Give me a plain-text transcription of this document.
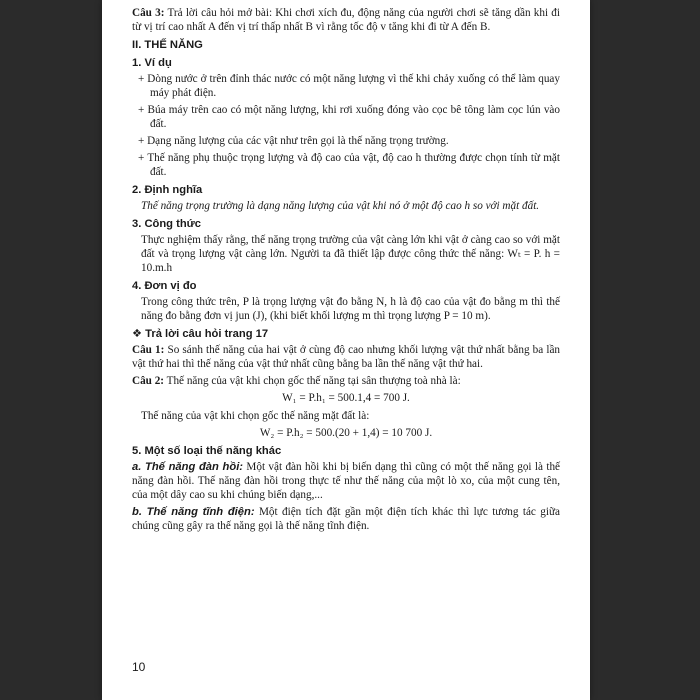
Câu 3: Trả lời câu hỏi mở bài: Khi chơi xích đu, động năng của người chơi sẽ tăng dần khi đi từ vị trí cao nhất A đến vị trí thấp nhất B vì rằng tốc độ v tăng khi đi từ A đến B.

II. THẾ NĂNG
1. Ví dụ

+ Dòng nước ở trên đỉnh thác nước có một năng lượng vì thế khi chảy xuống có thể làm quay máy phát điện.

+ Búa máy trên cao có một năng lượng, khi rơi xuống đóng vào cọc bê tông làm cọc lún vào đất.

+ Dạng năng lượng của các vật như trên gọi là thế năng trọng trường.

+ Thế năng phụ thuộc trọng lượng và độ cao của vật, độ cao h thường được chọn tính từ mặt đất.

2. Định nghĩa

Thế năng trọng trường là dạng năng lượng của vật khi nó ở một độ cao h so với mặt đất.

3. Công thức

Thực nghiệm thấy rằng, thế năng trọng trường của vật càng lớn khi vật ở càng cao so với mặt đất và trọng lượng vật càng lớn. Người ta đã thiết lập được công thức thế năng: Wₜ = P. h = 10.m.h

4. Đơn vị đo

Trong công thức trên, P là trọng lượng vật đo bằng N, h là độ cao của vật đo bằng m thì thế năng đo bằng đơn vị jun (J), (khi biết khối lượng m thì trọng lượng P = 10 m).

❖ Trả lời câu hỏi trang 17

Câu 1: So sánh thế năng của hai vật ở cùng độ cao nhưng khối lượng vật thứ nhất bằng ba lần vật thứ hai thì thế năng của vật thứ nhất cũng bằng ba lần thế năng vật thứ hai.

Câu 2: Thế năng của vật khi chọn gốc thế năng tại sân thượng toà nhà là:

W₁ = P.h₁ = 500.1,4 = 700 J.

Thế năng của vật khi chọn gốc thế năng mặt đất là:

W₂ = P.h₂ = 500.(20 + 1,4) = 10 700 J.
5. Một số loại thế năng khác

a. Thế năng đàn hồi: Một vật đàn hồi khi bị biến dạng thì cũng có một thế năng gọi là thế năng đàn hồi. Thế năng đàn hồi trong thực tế như thế năng của một lò xo, của một cung tên, của một dây cao su khi chúng biến dạng,...

b. Thế năng tĩnh điện: Một điện tích đặt gần một điện tích khác thì lực tương tác giữa chúng cũng gây ra thế năng gọi là thế năng tĩnh điện.

10
